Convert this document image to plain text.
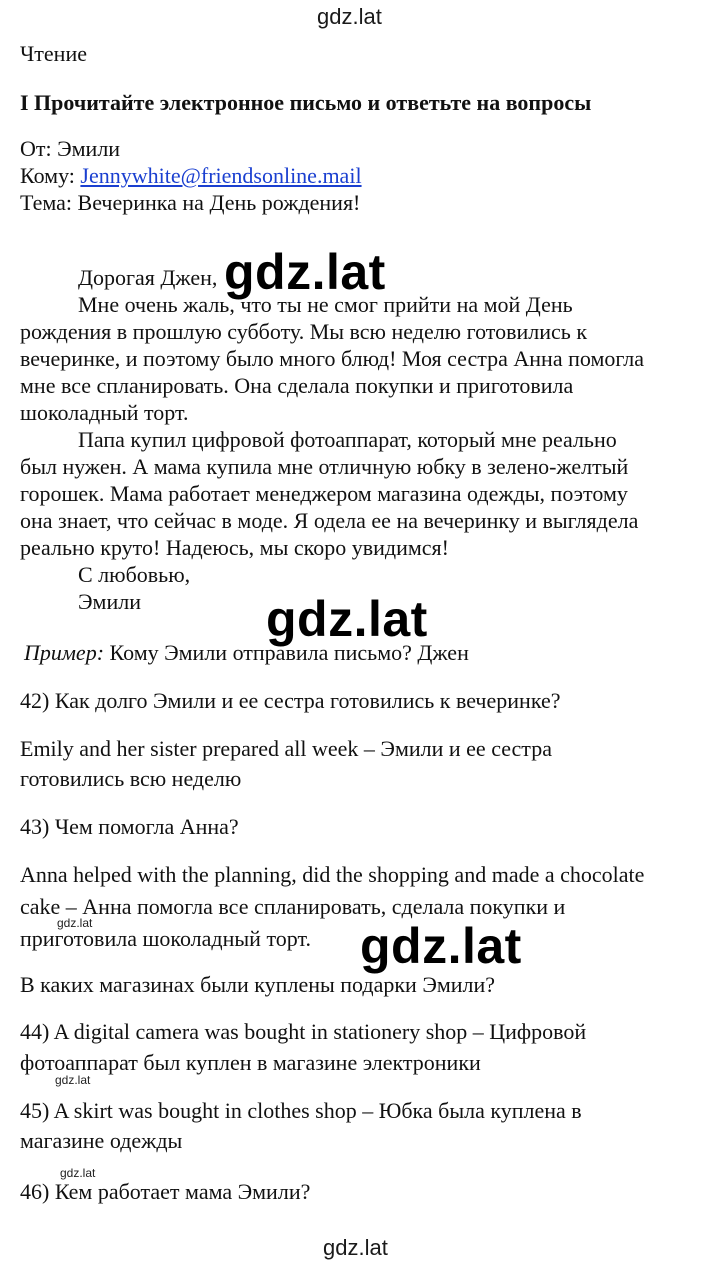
gdz.lat
Чтение
I Прочитайте электронное письмо и ответьте на вопросы
От: Эмили
Кому: Jennywhite@friendsonline.mail
Тема: Вечеринка на День рождения!
Дорогая Джен,
Мне очень жаль, что ты не смог прийти на мой День
рождения в прошлую субботу. Мы всю неделю готовились к
вечеринке, и поэтому было много блюд! Моя сестра Анна помогла
мне все спланировать. Она сделала покупки и приготовила
шоколадный торт.
Папа купил цифровой фотоаппарат, который мне реально
был нужен. А мама купила мне отличную юбку в зелено-желтый
горошек. Мама работает менеджером магазина одежды, поэтому
она знает, что сейчас в моде. Я одела ее на вечеринку и выглядела
реально круто! Надеюсь, мы скоро увидимся!
С любовью,
Эмили
Пример: Кому Эмили отправила письмо? Джен
42) Как долго Эмили и ее сестра готовились к вечеринке?
Emily and her sister prepared all week – Эмили и ее сестра
готовились всю неделю
43) Чем помогла Анна?
Anna helped with the planning, did the shopping and made a chocolate
cake – Анна помогла все спланировать, сделала покупки и
приготовила шоколадный торт.
В каких магазинах были куплены подарки Эмили?
44) A digital camera was bought in stationery shop – Цифровой
фотоаппарат был куплен в магазине электроники
45) A skirt was bought in clothes shop – Юбка была куплена в
магазине одежды
46) Кем работает мама Эмили?
gdz.lat
gdz.lat
gdz.lat
gdz.lat
gdz.lat
gdz.lat
gdz.lat
